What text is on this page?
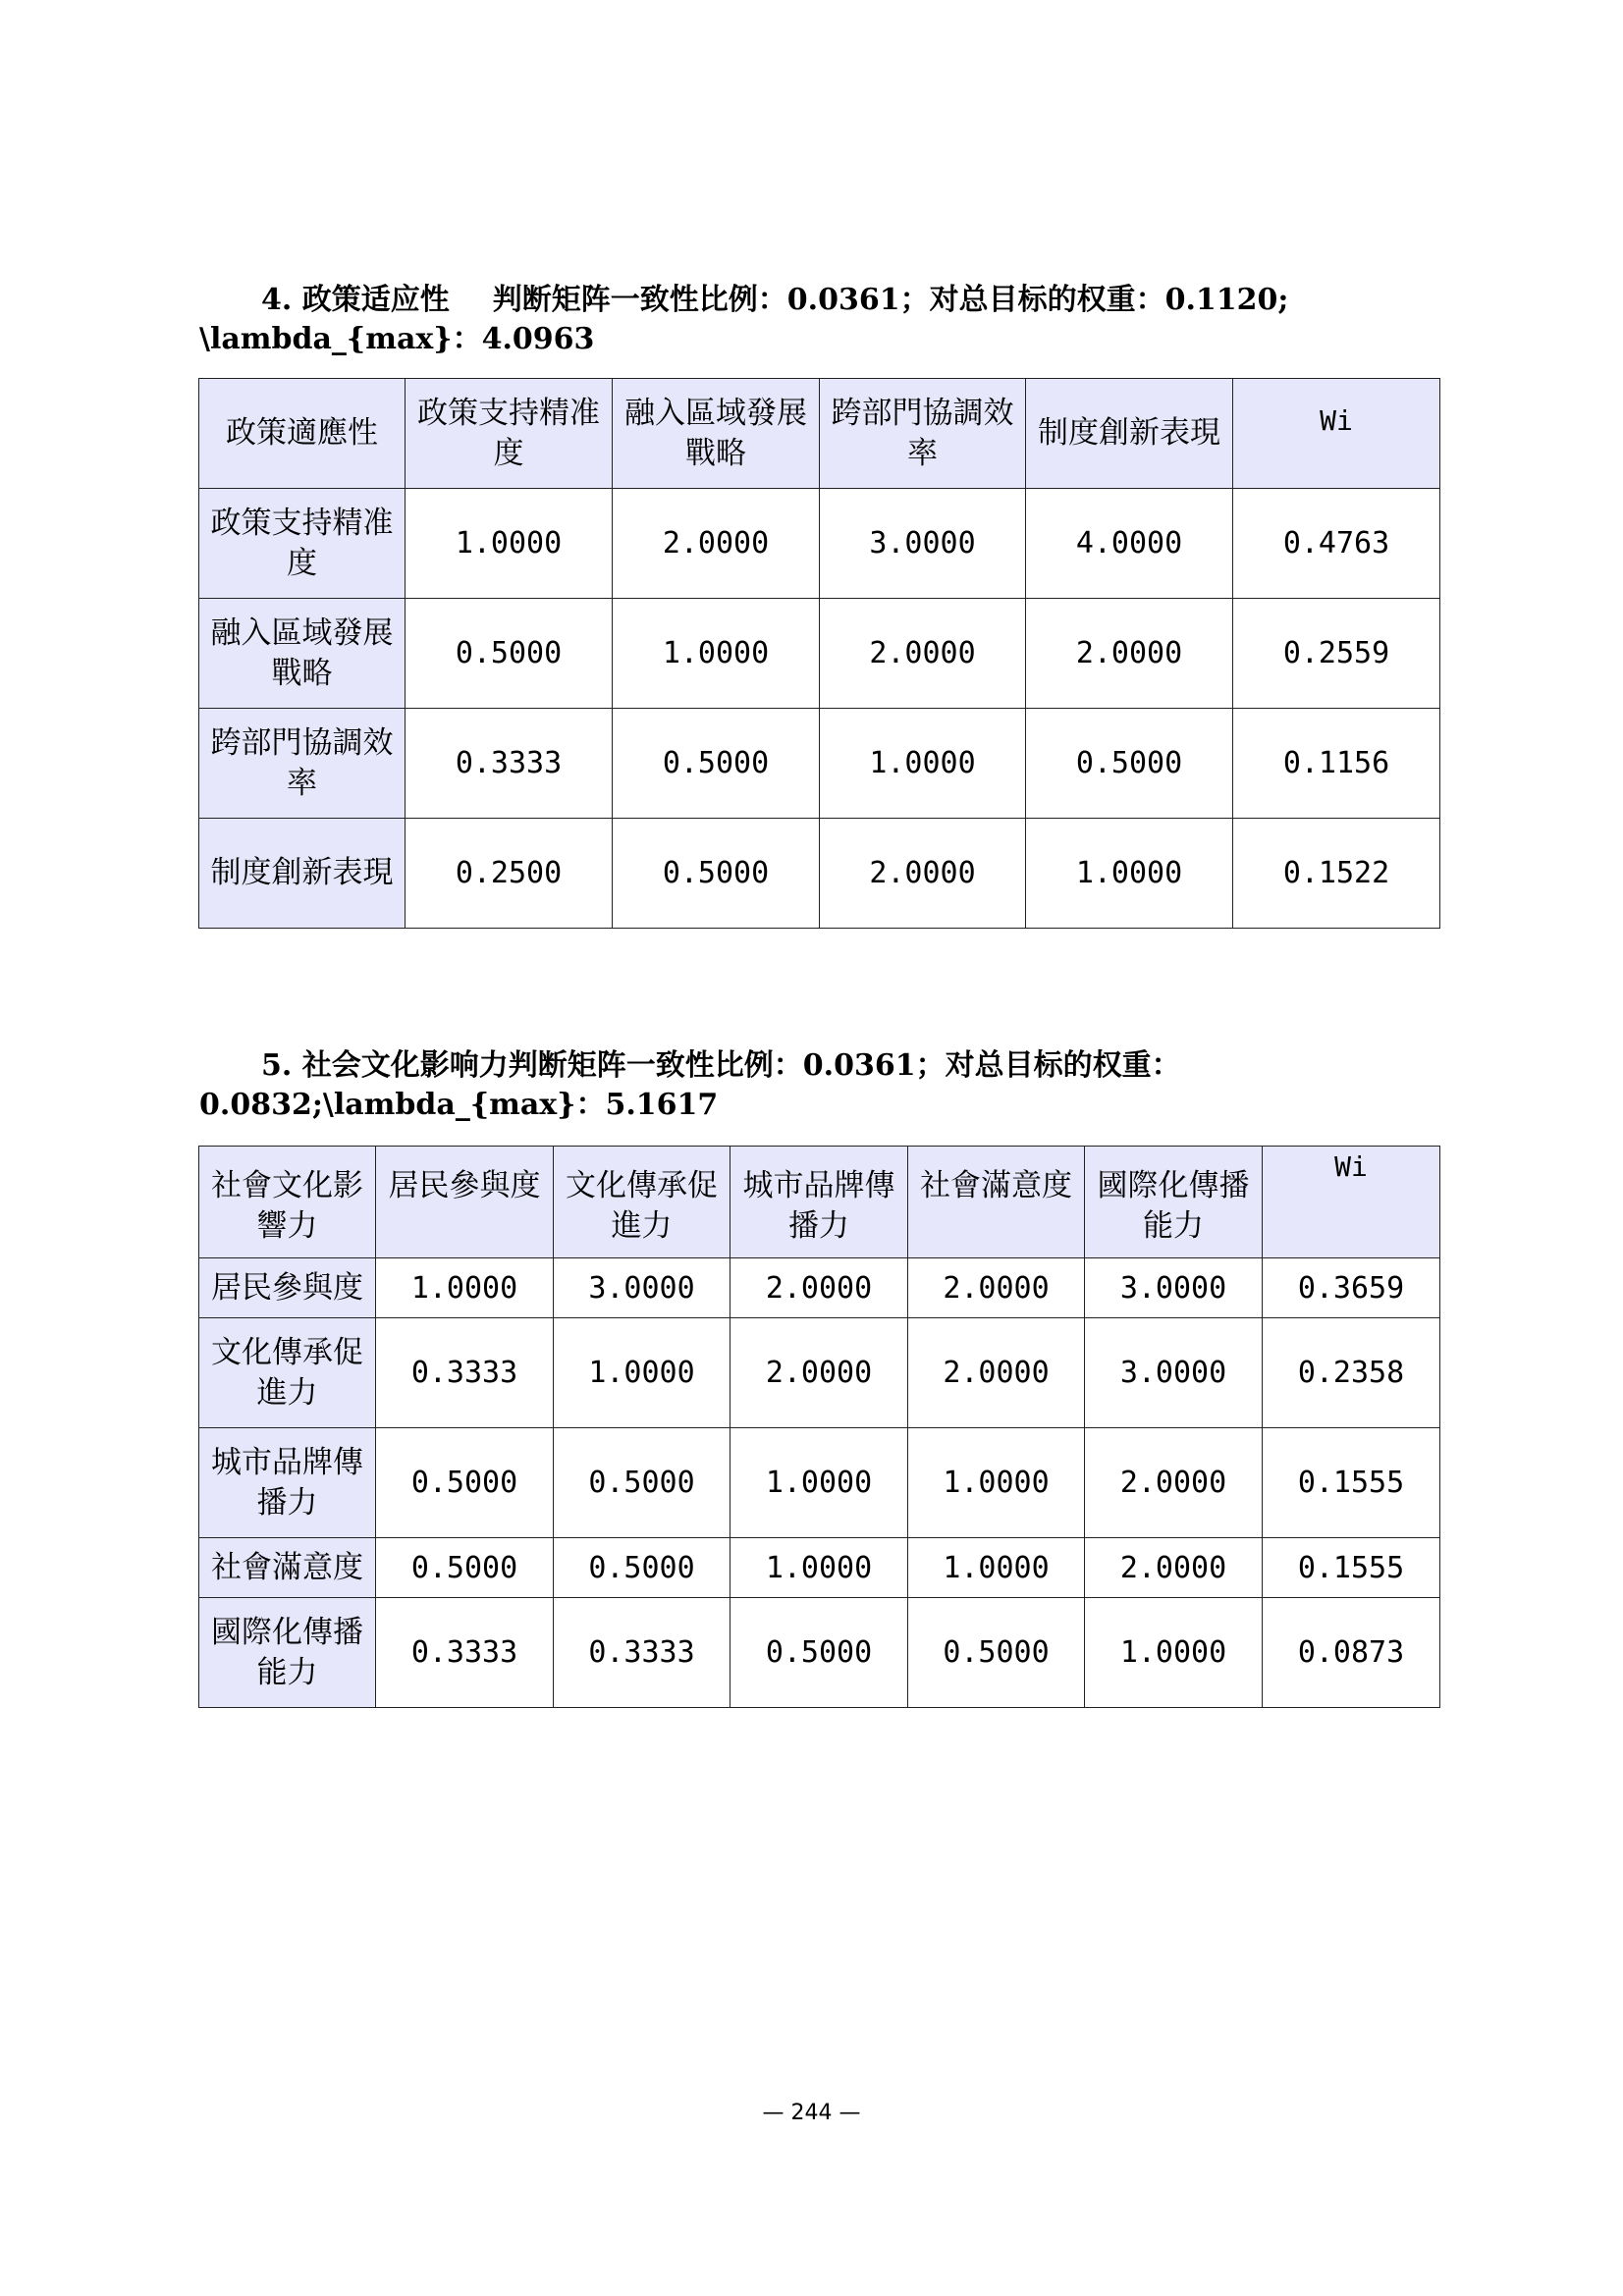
4. 政策适应性 判断矩阵一致性比例：0.0361；对总目标的权重：0.1120; \lambda_{max}：4.0963

政策適應性	政策支持精准度	融入區域發展戰略	跨部門協調效率	制度創新表現	Wi
政策支持精准度	1.0000	2.0000	3.0000	4.0000	0.4763
融入區域發展戰略	0.5000	1.0000	2.0000	2.0000	0.2559
跨部門協調效率	0.3333	0.5000	1.0000	0.5000	0.1156
制度創新表現	0.2500	0.5000	2.0000	1.0000	0.1522

5. 社会文化影响力判断矩阵一致性比例：0.0361；对总目标的权重：0.0832;\lambda_{max}：5.1617

社會文化影響力	居民參與度	文化傳承促進力	城市品牌傳播力	社會滿意度	國際化傳播能力	Wi
居民參與度	1.0000	3.0000	2.0000	2.0000	3.0000	0.3659
文化傳承促進力	0.3333	1.0000	2.0000	2.0000	3.0000	0.2358
城市品牌傳播力	0.5000	0.5000	1.0000	1.0000	2.0000	0.1555
社會滿意度	0.5000	0.5000	1.0000	1.0000	2.0000	0.1555
國際化傳播能力	0.3333	0.3333	0.5000	0.5000	1.0000	0.0873
— 244 —
